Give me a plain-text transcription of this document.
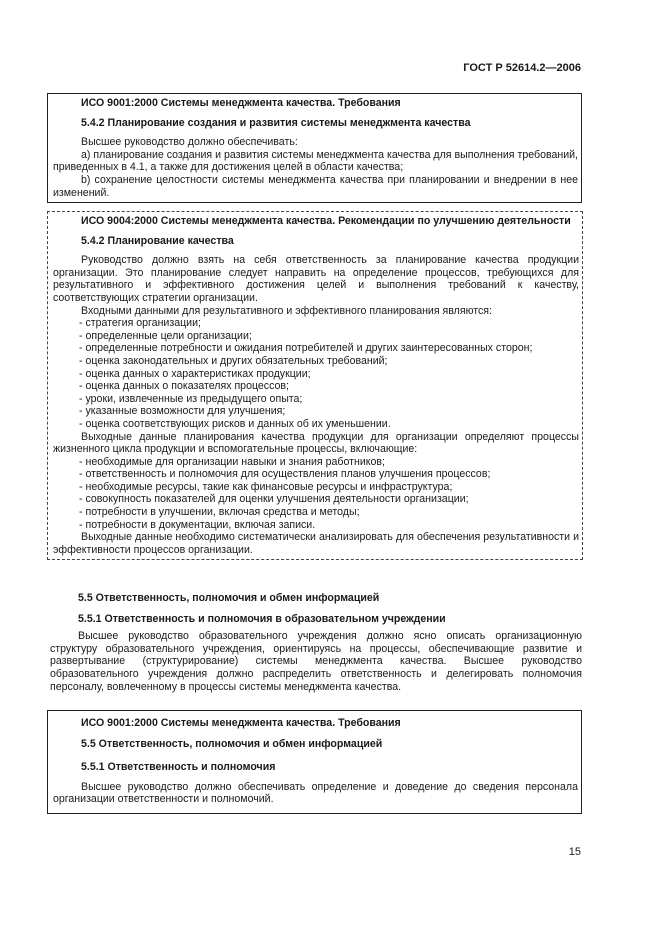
ГОСТ Р 52614.2—2006

ИСО 9001:2000 Системы менеджмента качества. Требования

5.4.2 Планирование создания и развития системы менеджмента качества

Высшее руководство должно обеспечивать:

а) планирование создания и развития системы менеджмента качества для выполнения требований, приведенных в 4.1, а также для достижения целей в области качества;

b) сохранение целостности системы менеджмента качества при планировании и внедрении в нее изменений.

ИСО 9004:2000 Системы менеджмента качества. Рекомендации по улучшению деятельности

5.4.2 Планирование качества

Руководство должно взять на себя ответственность за планирование качества продукции организации. Это планирование следует направить на определение процессов, требующихся для результативного и эффективного достижения целей и выполнения требований к качеству, соответствующих стратегии организации.

Входными данными для результативного и эффективного планирования являются:

- стратегия организации;
- определенные цели организации;
- определенные потребности и ожидания потребителей и других заинтересованных сторон;
- оценка законодательных и других обязательных требований;
- оценка данных о характеристиках продукции;
- оценка данных о показателях процессов;
- уроки, извлеченные из предыдущего опыта;
- указанные возможности для улучшения;
- оценка соответствующих рисков и данных об их уменьшении.

Выходные данные планирования качества продукции для организации определяют процессы жизненного цикла продукции и вспомогательные процессы, включающие:

- необходимые для организации навыки и знания работников;
- ответственность и полномочия для осуществления планов улучшения процессов;
- необходимые ресурсы, такие как финансовые ресурсы и инфраструктура;
- совокупность показателей для оценки улучшения деятельности организации;
- потребности в улучшении, включая средства и методы;
- потребности в документации, включая записи.

Выходные данные необходимо систематически анализировать для обеспечения результативности и эффективности процессов организации.

5.5 Ответственность, полномочия и обмен информацией

5.5.1 Ответственность и полномочия в образовательном учреждении

Высшее руководство образовательного учреждения должно ясно описать организационную структуру образовательного учреждения, ориентируясь на процессы, обеспечивающие развитие и развертывание (структурирование) системы менеджмента качества. Высшее руководство образовательного учреждения должно распределить ответственность и делегировать полномочия персоналу, вовлеченному в процессы системы менеджмента качества.

ИСО 9001:2000 Системы менеджмента качества. Требования

5.5 Ответственность, полномочия и обмен информацией

5.5.1 Ответственность и полномочия

Высшее руководство должно обеспечивать определение и доведение до сведения персонала организации ответственности и полномочий.

15
